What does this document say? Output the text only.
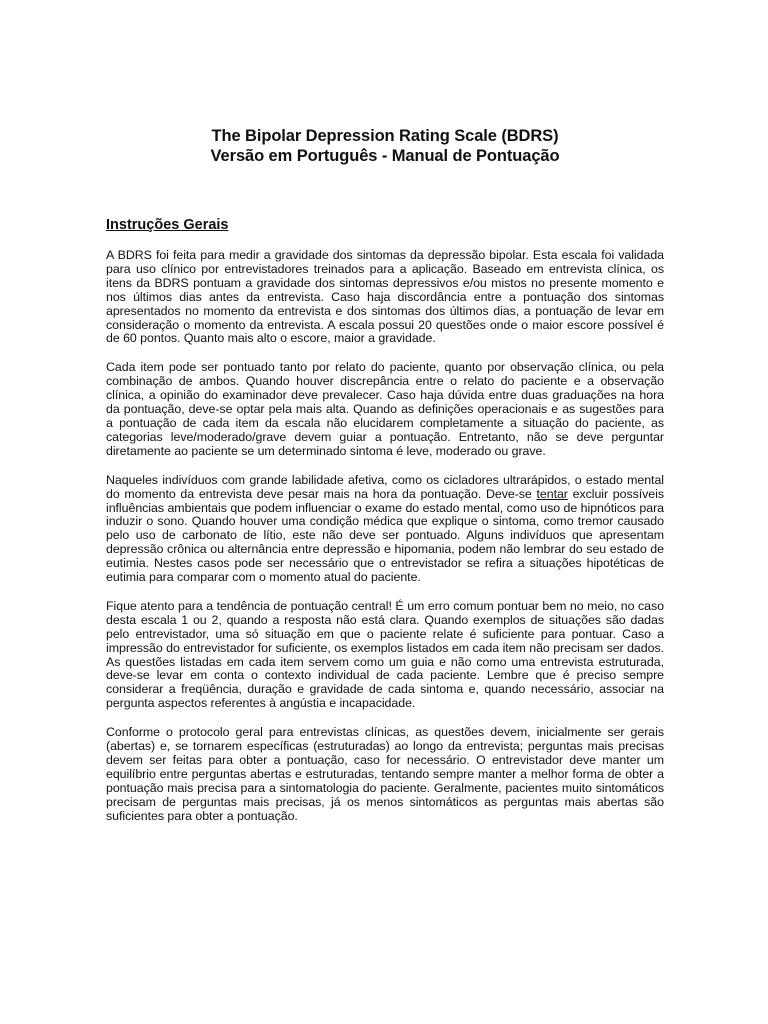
The Bipolar Depression Rating Scale (BDRS)
Versão em Português - Manual de Pontuação
Instruções Gerais

A BDRS foi feita para medir a gravidade dos sintomas da depressão bipolar. Esta escala foi validada para uso clínico por entrevistadores treinados para a aplicação. Baseado em entrevista clínica, os itens da BDRS pontuam a gravidade dos sintomas depressivos e/ou mistos no presente momento e nos últimos dias antes da entrevista. Caso haja discordância entre a pontuação dos sintomas apresentados no momento da entrevista e dos sintomas dos últimos dias, a pontuação de levar em consideração o momento da entrevista. A escala possui 20 questões onde o maior escore possível é de 60 pontos. Quanto mais alto o escore, maior a gravidade.

Cada item pode ser pontuado tanto por relato do paciente, quanto por observação clínica, ou pela combinação de ambos. Quando houver discrepância entre o relato do paciente e a observação clínica, a opinião do examinador deve prevalecer. Caso haja dúvida entre duas graduações na hora da pontuação, deve-se optar pela mais alta. Quando as definições operacionais e as sugestões para a pontuação de cada item da escala não elucidarem completamente a situação do paciente, as categorias leve/moderado/grave devem guiar a pontuação. Entretanto, não se deve perguntar diretamente ao paciente se um determinado sintoma é leve, moderado ou grave.

Naqueles indivíduos com grande labilidade afetiva, como os cicladores ultrarápidos, o estado mental do momento da entrevista deve pesar mais na hora da pontuação. Deve-se tentar excluir possíveis influências ambientais que podem influenciar o exame do estado mental, como uso de hipnóticos para induzir o sono. Quando houver uma condição médica que explique o sintoma, como tremor causado pelo uso de carbonato de lítio, este não deve ser pontuado. Alguns indivíduos que apresentam depressão crônica ou alternância entre depressão e hipomania, podem não lembrar do seu estado de eutimia. Nestes casos pode ser necessário que o entrevistador se refira a situações hipotéticas de eutimia para comparar com o momento atual do paciente.

Fique atento para a tendência de pontuação central! É um erro comum pontuar bem no meio, no caso desta escala 1 ou 2, quando a resposta não está clara. Quando exemplos de situações são dadas pelo entrevistador, uma só situação em que o paciente relate é suficiente para pontuar. Caso a impressão do entrevistador for suficiente, os exemplos listados em cada item não precisam ser dados. As questões listadas em cada item servem como um guia e não como uma entrevista estruturada, deve-se levar em conta o contexto individual de cada paciente. Lembre que é preciso sempre considerar a freqüência, duração e gravidade de cada sintoma e, quando necessário, associar na pergunta aspectos referentes à angústia e incapacidade.

Conforme o protocolo geral para entrevistas clínicas, as questões devem, inicialmente ser gerais (abertas) e, se tornarem específicas (estruturadas) ao longo da entrevista; perguntas mais precisas devem ser feitas para obter a pontuação, caso for necessário. O entrevistador deve manter um equilíbrio entre perguntas abertas e estruturadas, tentando sempre manter a melhor forma de obter a pontuação mais precisa para a sintomatologia do paciente. Geralmente, pacientes muito sintomáticos precisam de perguntas mais precisas, já os menos sintomáticos as perguntas mais abertas são suficientes para obter a pontuação.
